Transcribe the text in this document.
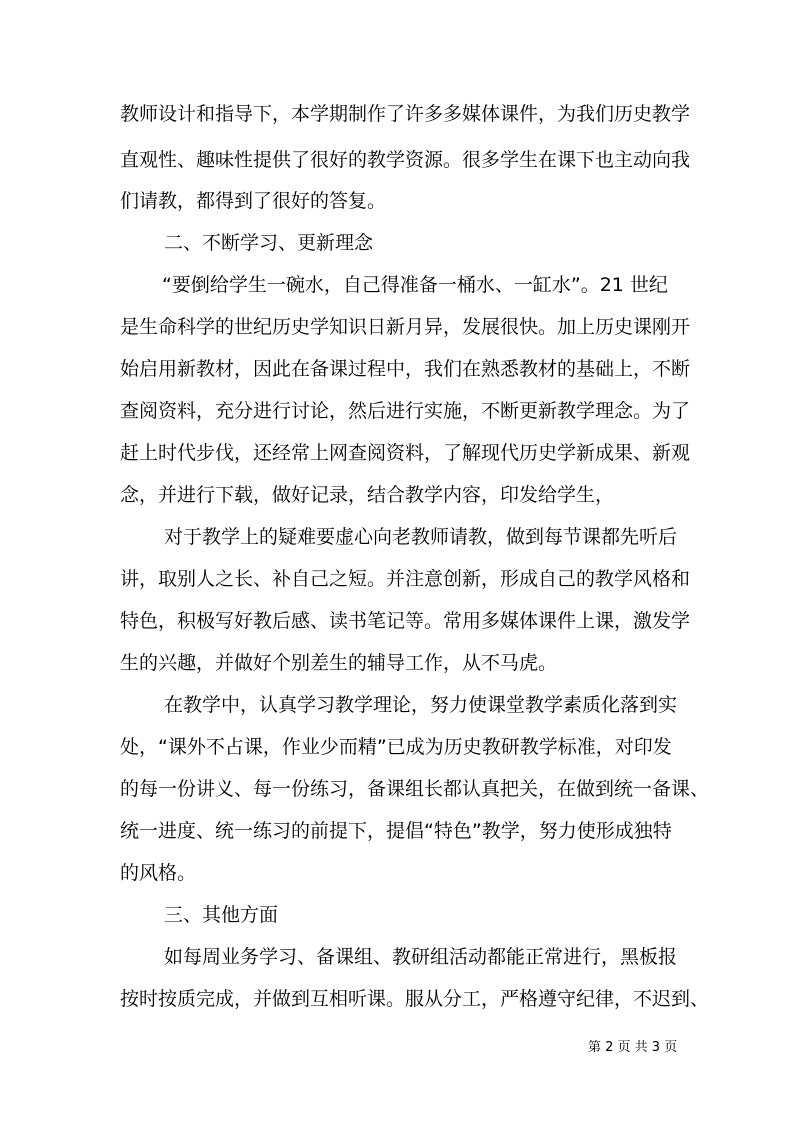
教师设计和指导下，本学期制作了许多多媒体课件，为我们历史教学

直观性、趣味性提供了很好的教学资源。很多学生在课下也主动向我

们请教，都得到了很好的答复。

二、不断学习、更新理念

“要倒给学生一碗水，自己得准备一桶水、一缸水”。21 世纪

是生命科学的世纪历史学知识日新月异，发展很快。加上历史课刚开

始启用新教材，因此在备课过程中，我们在熟悉教材的基础上，不断

查阅资料，充分进行讨论，然后进行实施，不断更新教学理念。为了

赶上时代步伐，还经常上网查阅资料，了解现代历史学新成果、新观

念，并进行下载，做好记录，结合教学内容，印发给学生，

对于教学上的疑难要虚心向老教师请教，做到每节课都先听后

讲，取别人之长、补自己之短。并注意创新，形成自己的教学风格和

特色，积极写好教后感、读书笔记等。常用多媒体课件上课，激发学

生的兴趣，并做好个别差生的辅导工作，从不马虎。

在教学中，认真学习教学理论，努力使课堂教学素质化落到实

处，“课外不占课，作业少而精”已成为历史教研教学标准，对印发

的每一份讲义、每一份练习，备课组长都认真把关，在做到统一备课、

统一进度、统一练习的前提下，提倡“特色”教学，努力使形成独特

的风格。

三、其他方面

如每周业务学习、备课组、教研组活动都能正常进行，黑板报

按时按质完成，并做到互相听课。服从分工，严格遵守纪律，不迟到、

第 2 页 共 3 页
